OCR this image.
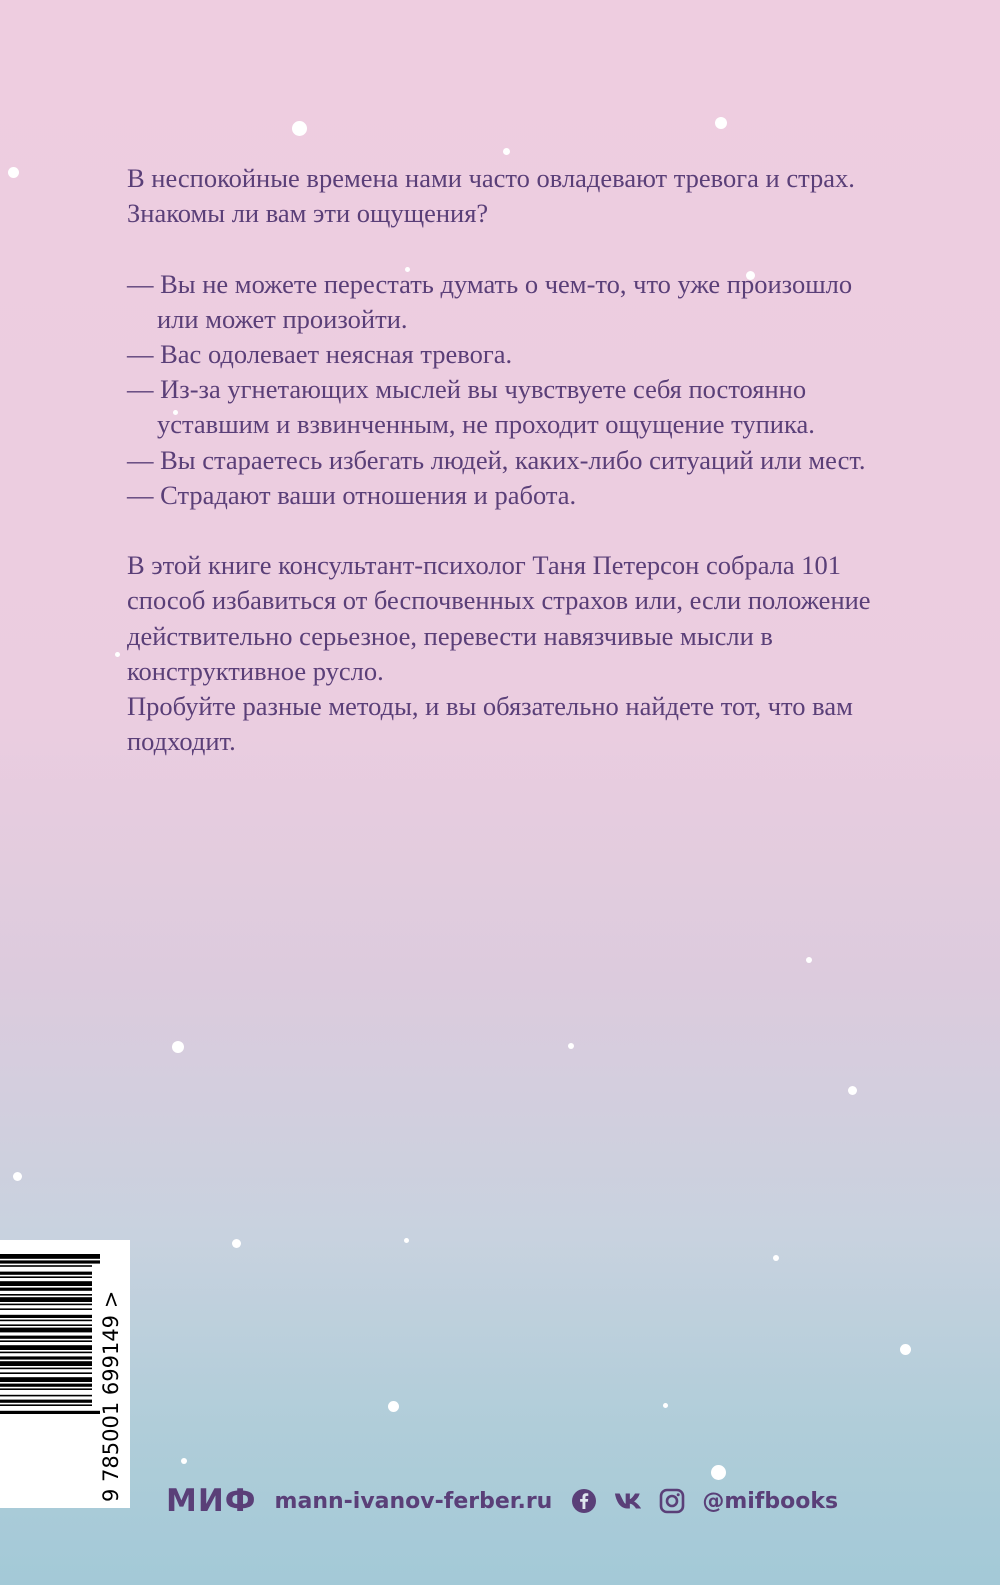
В неспокойные времена нами часто овладевают тревога и страх. Знакомы ли вам эти ощущения?

— Вы не можете перестать думать о чем-то, что уже произошло или может произойти.
— Вас одолевает неясная тревога.
— Из-за угнетающих мыслей вы чувствуете себя постоянно уставшим и взвинченным, не проходит ощущение тупика.
— Вы стараетесь избегать людей, каких-либо ситуаций или мест.
— Страдают ваши отношения и работа.

В этой книге консультант-психолог Таня Петерсон собрала 101 способ избавиться от беспочвенных страхов или, если положение действительно серьезное, перевести навязчивые мысли в конструктивное русло.

Пробуйте разные методы, и вы обязательно найдете тот, что вам подходит.

9 785001 699149 > МИФ mann-ivanov-ferber.ru	@mifbooks
